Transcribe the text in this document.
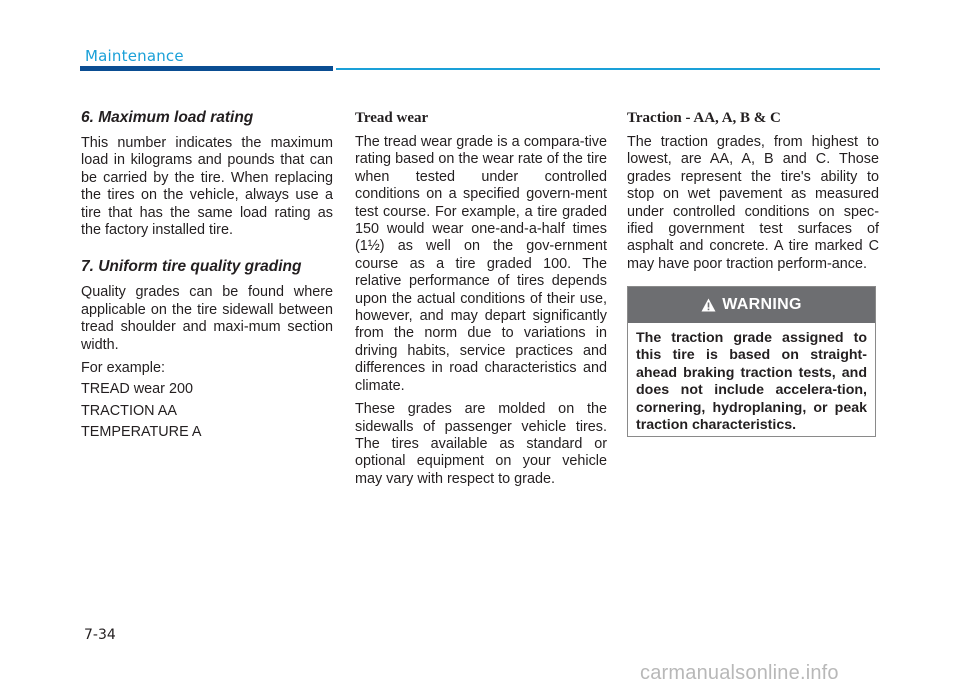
Maintenance
6. Maximum load rating

This number indicates the maximum load in kilograms and pounds that can be carried by the tire. When replacing the tires on the vehicle, always use a tire that has the same load rating as the factory installed tire.

7. Uniform tire quality grading

Quality grades can be found where applicable on the tire sidewall between tread shoulder and maxi-mum section width.

For example:

TREAD wear 200

TRACTION AA

TEMPERATURE A

Tread wear

The tread wear grade is a compara-tive rating based on the wear rate of the tire when tested under controlled conditions on a specified govern-ment test course. For example, a tire graded 150 would wear one-and-a-half times (1½) as well on the gov-ernment course as a tire graded 100. The relative performance of tires depends upon the actual conditions of their use, however, and may depart significantly from the norm due to variations in driving habits, service practices and differences in road characteristics and climate.

These grades are molded on the sidewalls of passenger vehicle tires. The tires available as standard or optional equipment on your vehicle may vary with respect to grade.

Traction - AA, A, B & C

The traction grades, from highest to lowest, are AA, A, B and C. Those grades represent the tire's ability to stop on wet pavement as measured under controlled conditions on spec-ified government test surfaces of asphalt and concrete. A tire marked C may have poor traction perform-ance.

WARNING
The traction grade assigned to this tire is based on straight-ahead braking traction tests, and does not include accelera-tion, cornering, hydroplaning, or peak traction characteristics.
7-34
carmanualsonline.info
